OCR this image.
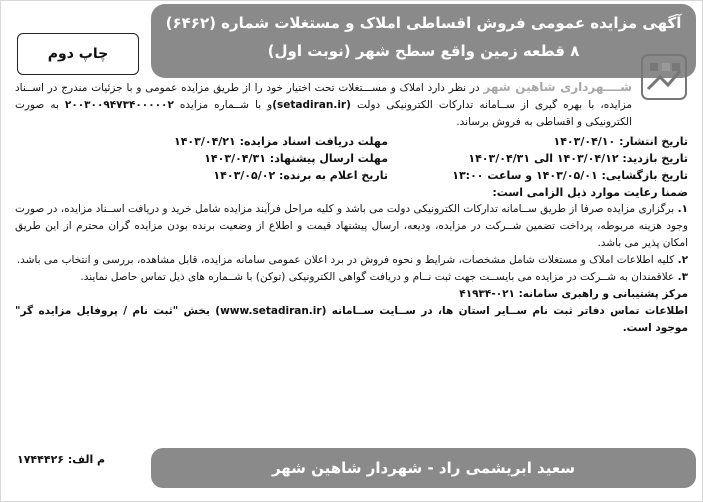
آگهی مزایده عمومی فروش اقساطی املاک و مستغلات شماره (۶۴۶۲)
۸ قطعه زمین واقع سطح شهر (نوبت اول)
چاپ دوم
شــــهرداری شاهین شهر در نظر دارد املاک و مســـتغلات تحت اختیار خود را از طریق مزایده عمومی و با جزئیات مندرج در اســناد مزایده، با بهره گیری از ســامانه تدارکات الکترونیکی دولت (setadiran.ir)و با شــماره مزایده ۲۰۰۳۰۰۹۴۷۳۴۰۰۰۰۰۲ به صورت الکترونیکی و اقساطی به فروش برساند.
تاریخ انتشار: ۱۴۰۳/۰۴/۱۰
تاریخ بازدید: ۱۴۰۳/۰۴/۱۲ الی ۱۴۰۳/۰۴/۳۱
تاریخ بازگشایی: ۱۴۰۳/۰۵/۰۱ و ساعت ۱۳:۰۰
مهلت دریافت اسناد مزایده: ۱۴۰۳/۰۴/۲۱
مهلت ارسال پیشنهاد: ۱۴۰۳/۰۴/۳۱
تاریخ اعلام به برنده: ۱۴۰۳/۰۵/۰۲
ضمنا رعایت موارد ذیل الزامی است:
۱. برگزاری مزایده صرفا از طریق ســامانه تدارکات الکترونیکی دولت می باشد و کلیه مراحل فرآیند مزایده شامل خرید و دریافت اســناد مزایده، در صورت وجود هزینه مربوطه، پرداخت تضمین شــرکت در مزایده، ودیعه، ارسال پیشنهاد قیمت و اطلاع از وضعیت برنده بودن مزایده گران محترم از این طریق امکان پذیر می باشد.
۲. کلیه اطلاعات املاک و مستغلات شامل مشخصات، شرایط و نحوه فروش در برد اعلان عمومی سامانه مزایده، قابل مشاهده، بررسی و انتخاب می باشد.
۳. علاقمندان به شــرکت در مزایده می بایســت جهت ثبت نــام و دریافت گواهی الکترونیکی (توکن) با شــماره های ذیل تماس حاصل نمایند.
مرکز پشتیبانی و راهبری سامانه: ۰۲۱-۴۱۹۳۴
اطلاعات تماس دفاتر ثبت نام ســایر استان ها، در ســایت ســامانه (www.setadiran.ir) بخش "ثبت نام / پروفایل مزایده گر" موجود است.
سعید ابریشمی راد - شهردار شاهین شهر
م الف: ۱۷۴۴۴۲۶
